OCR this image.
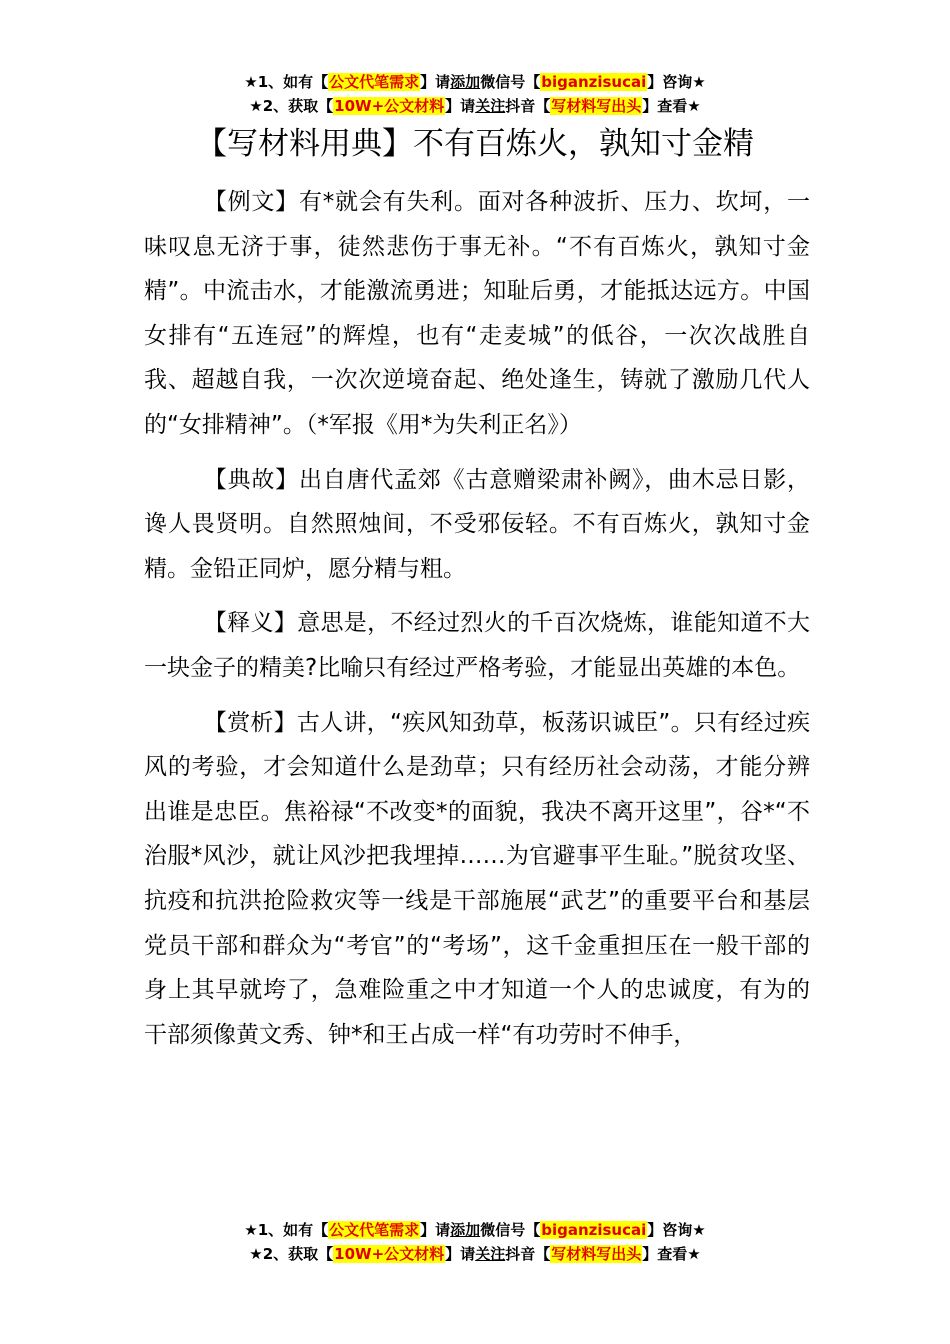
★1、如有【公文代笔需求】请添加微信号【biganzisucai】咨询★
★2、获取【10W+公文材料】请关注抖音【写材料写出头】查看★
【写材料用典】不有百炼火，孰知寸金精

【例文】有*就会有失利。面对各种波折、压力、坎坷，一味叹息无济于事，徒然悲伤于事无补。“不有百炼火，孰知寸金精”。中流击水，才能激流勇进；知耻后勇，才能抵达远方。中国女排有“五连冠”的辉煌，也有“走麦城”的低谷，一次次战胜自我、超越自我，一次次逆境奋起、绝处逢生，铸就了激励几代人的“女排精神”。（*军报《用*为失利正名》）

【典故】出自唐代孟郊《古意赠梁肃补阙》，曲木忌日影，谗人畏贤明。自然照烛间，不受邪佞轻。不有百炼火，孰知寸金精。金铅正同炉，愿分精与粗。

【释义】意思是，不经过烈火的千百次烧炼，谁能知道不大一块金子的精美?比喻只有经过严格考验，才能显出英雄的本色。

【赏析】古人讲，“疾风知劲草，板荡识诚臣”。只有经过疾风的考验，才会知道什么是劲草；只有经历社会动荡，才能分辨出谁是忠臣。焦裕禄“不改变*的面貌，我决不离开这里”，谷*“不治服*风沙，就让风沙把我埋掉……为官避事平生耻。”脱贫攻坚、抗疫和抗洪抢险救灾等一线是干部施展“武艺”的重要平台和基层党员干部和群众为“考官”的“考场”，这千金重担压在一般干部的身上其早就垮了，急难险重之中才知道一个人的忠诚度，有为的干部须像黄文秀、钟*和王占成一样“有功劳时不伸手，

★1、如有【公文代笔需求】请添加微信号【biganzisucai】咨询★
★2、获取【10W+公文材料】请关注抖音【写材料写出头】查看★
